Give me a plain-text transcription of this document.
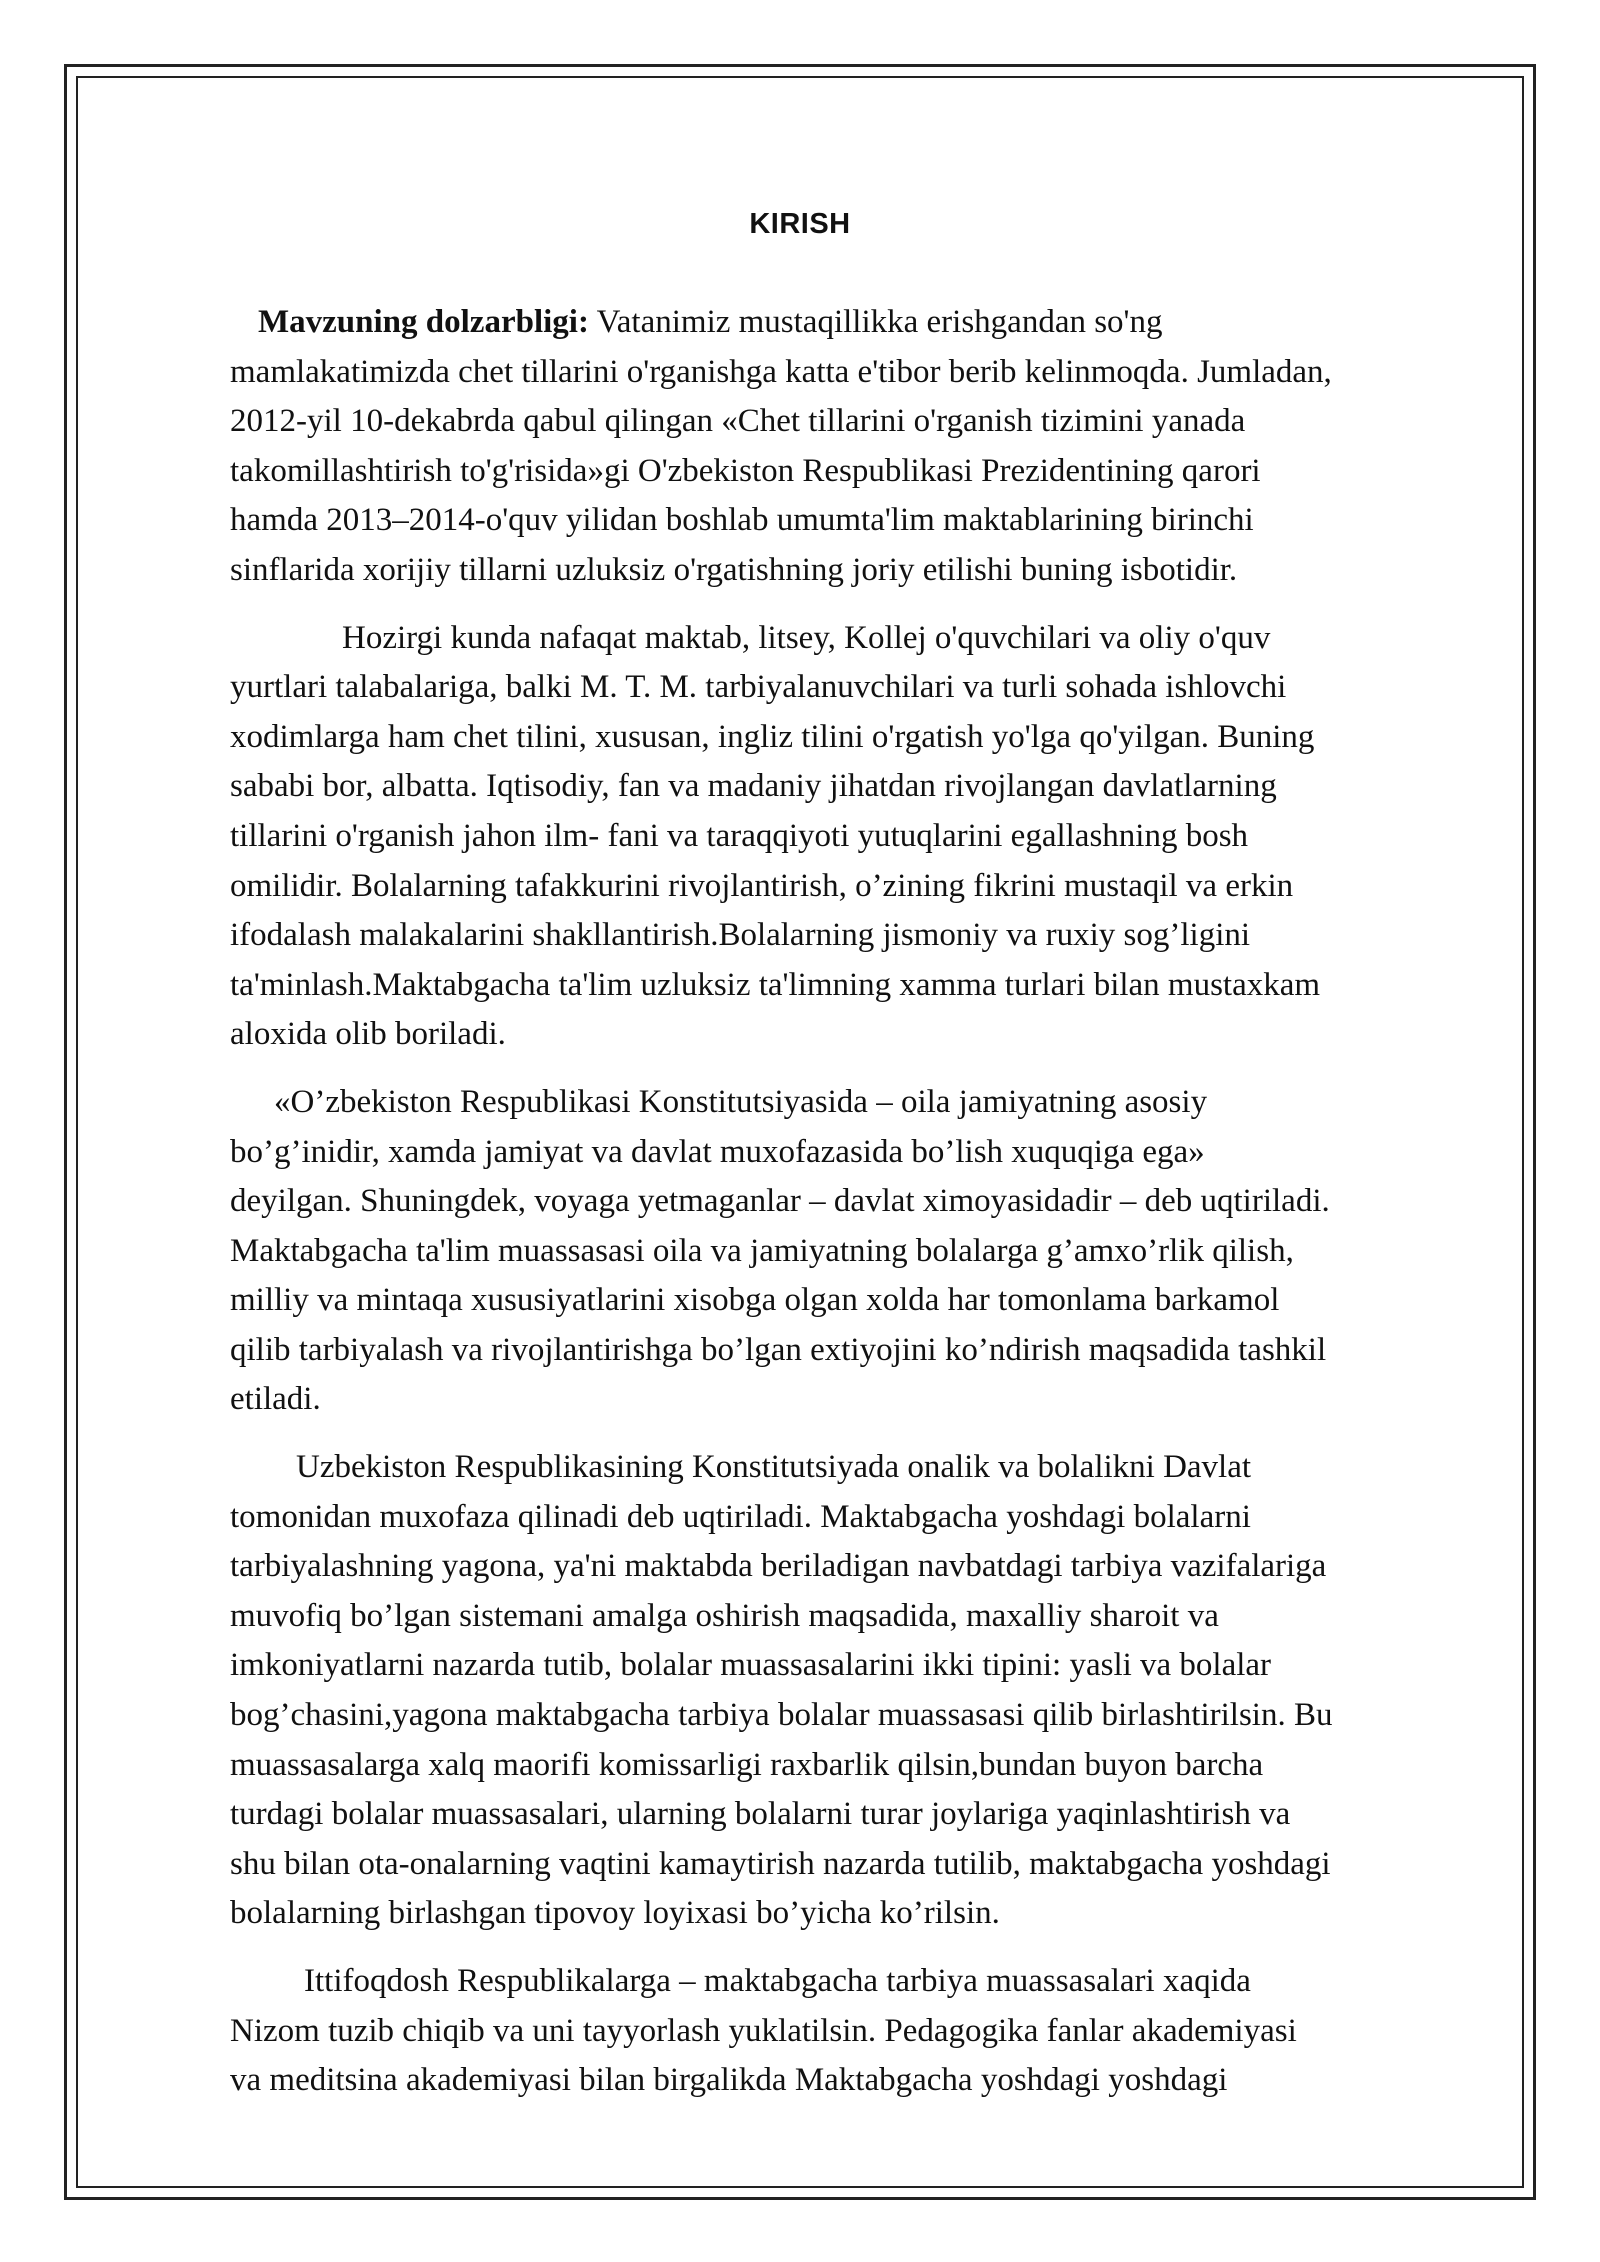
KIRISH
Mavzuning dolzarbligi: Vatanimiz mustaqillikka erishgandan so'ng
mamlakatimizda chet tillarini o'rganishga katta e'tibor berib kelinmoqda. Jumladan,
2012-yil 10-dekabrda qabul qilingan «Chet tillarini o'rganish tizimini yanada
takomillashtirish to'g'risida»gi O'zbekiston Respublikasi Prezidentining qarori
hamda 2013–2014-o'quv yilidan boshlab umumta'lim maktablarining birinchi
sinflarida xorijiy tillarni uzluksiz o'rgatishning joriy etilishi buning isbotidir.
Hozirgi kunda nafaqat maktab, litsey, Kollej o'quvchilari va oliy o'quv
yurtlari talabalariga, balki M. T. M. tarbiyalanuvchilari va turli sohada ishlovchi
xodimlarga ham chet tilini, xususan, ingliz tilini o'rgatish yo'lga qo'yilgan. Buning
sababi bor, albatta. Iqtisodiy, fan va madaniy jihatdan rivojlangan davlatlarning
tillarini o'rganish jahon ilm- fani va taraqqiyoti yutuqlarini egallashning bosh
omilidir. Bolalarning tafakkurini rivojlantirish, o’zining fikrini mustaqil va erkin
ifodalash malakalarini shakllantirish.Bolalarning jismoniy va ruxiy sog’ligini
ta'minlash.Maktabgacha ta'lim uzluksiz ta'limning xamma turlari bilan mustaxkam
aloxida olib boriladi.
«O’zbekiston Respublikasi Konstitutsiyasida – oila jamiyatning asosiy
bo’g’inidir, xamda jamiyat va davlat muxofazasida bo’lish xuquqiga ega»
deyilgan. Shuningdek, voyaga yetmaganlar – davlat ximoyasidadir – deb uqtiriladi.
Maktabgacha ta'lim muassasasi oila va jamiyatning bolalarga g’amxo’rlik qilish,
milliy va mintaqa xususiyatlarini xisobga olgan xolda har tomonlama barkamol
qilib tarbiyalash va rivojlantirishga bo’lgan extiyojini ko’ndirish maqsadida tashkil
etiladi.
Uzbekiston Respublikasining Konstitutsiyada onalik va bolalikni Davlat
tomonidan muxofaza qilinadi deb uqtiriladi. Maktabgacha yoshdagi bolalarni
tarbiyalashning yagona, ya'ni maktabda beriladigan navbatdagi tarbiya vazifalariga
muvofiq bo’lgan sistemani amalga oshirish maqsadida, maxalliy sharoit va
imkoniyatlarni nazarda tutib, bolalar muassasalarini ikki tipini: yasli va bolalar
bog’chasini,yagona maktabgacha tarbiya bolalar muassasasi qilib birlashtirilsin. Bu
muassasalarga xalq maorifi komissarligi raxbarlik qilsin,bundan buyon barcha
turdagi bolalar muassasalari, ularning bolalarni turar joylariga yaqinlashtirish va
shu bilan ota-onalarning vaqtini kamaytirish nazarda tutilib, maktabgacha yoshdagi
bolalarning birlashgan tipovoy loyixasi bo’yicha ko’rilsin.
Ittifoqdosh Respublikalarga – maktabgacha tarbiya muassasalari xaqida
Nizom tuzib chiqib va uni tayyorlash yuklatilsin. Pedagogika fanlar akademiyasi
va meditsina akademiyasi bilan birgalikda Maktabgacha yoshdagi yoshdagi
